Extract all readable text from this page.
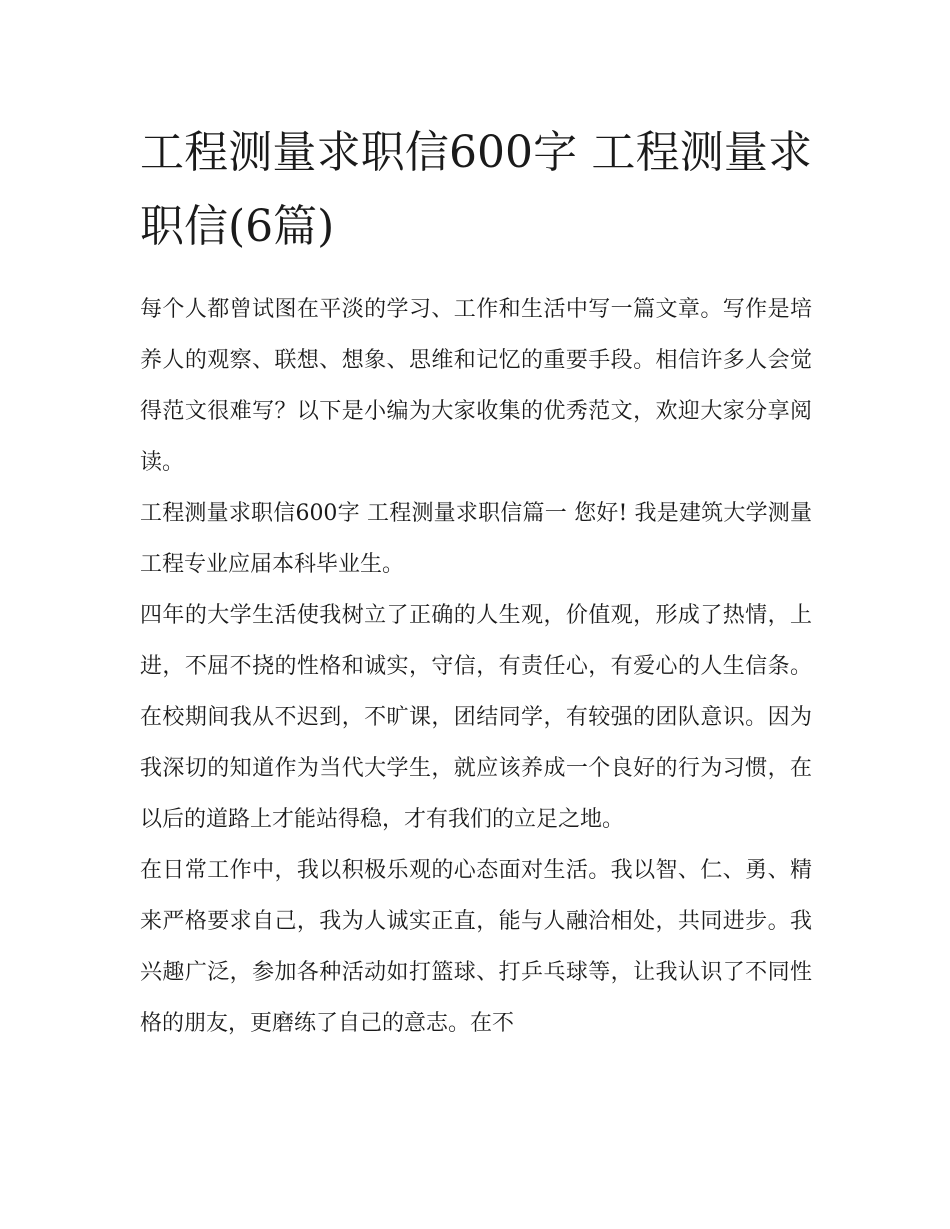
工程测量求职信600字 工程测量求职信(6篇)

每个人都曾试图在平淡的学习、工作和生活中写一篇文章。写作是培养人的观察、联想、想象、思维和记忆的重要手段。相信许多人会觉得范文很难写？以下是小编为大家收集的优秀范文，欢迎大家分享阅读。

工程测量求职信600字 工程测量求职信篇一 您好! 我是建筑大学测量工程专业应届本科毕业生。

四年的大学生活使我树立了正确的人生观，价值观，形成了热情，上进，不屈不挠的性格和诚实，守信，有责任心，有爱心的人生信条。在校期间我从不迟到，不旷课，团结同学，有较强的团队意识。因为我深切的知道作为当代大学生，就应该养成一个良好的行为习惯，在以后的道路上才能站得稳，才有我们的立足之地。

在日常工作中，我以积极乐观的心态面对生活。我以智、仁、勇、精来严格要求自己，我为人诚实正直，能与人融洽相处，共同进步。我兴趣广泛，参加各种活动如打篮球、打乒乓球等，让我认识了不同性格的朋友，更磨练了自己的意志。在不
